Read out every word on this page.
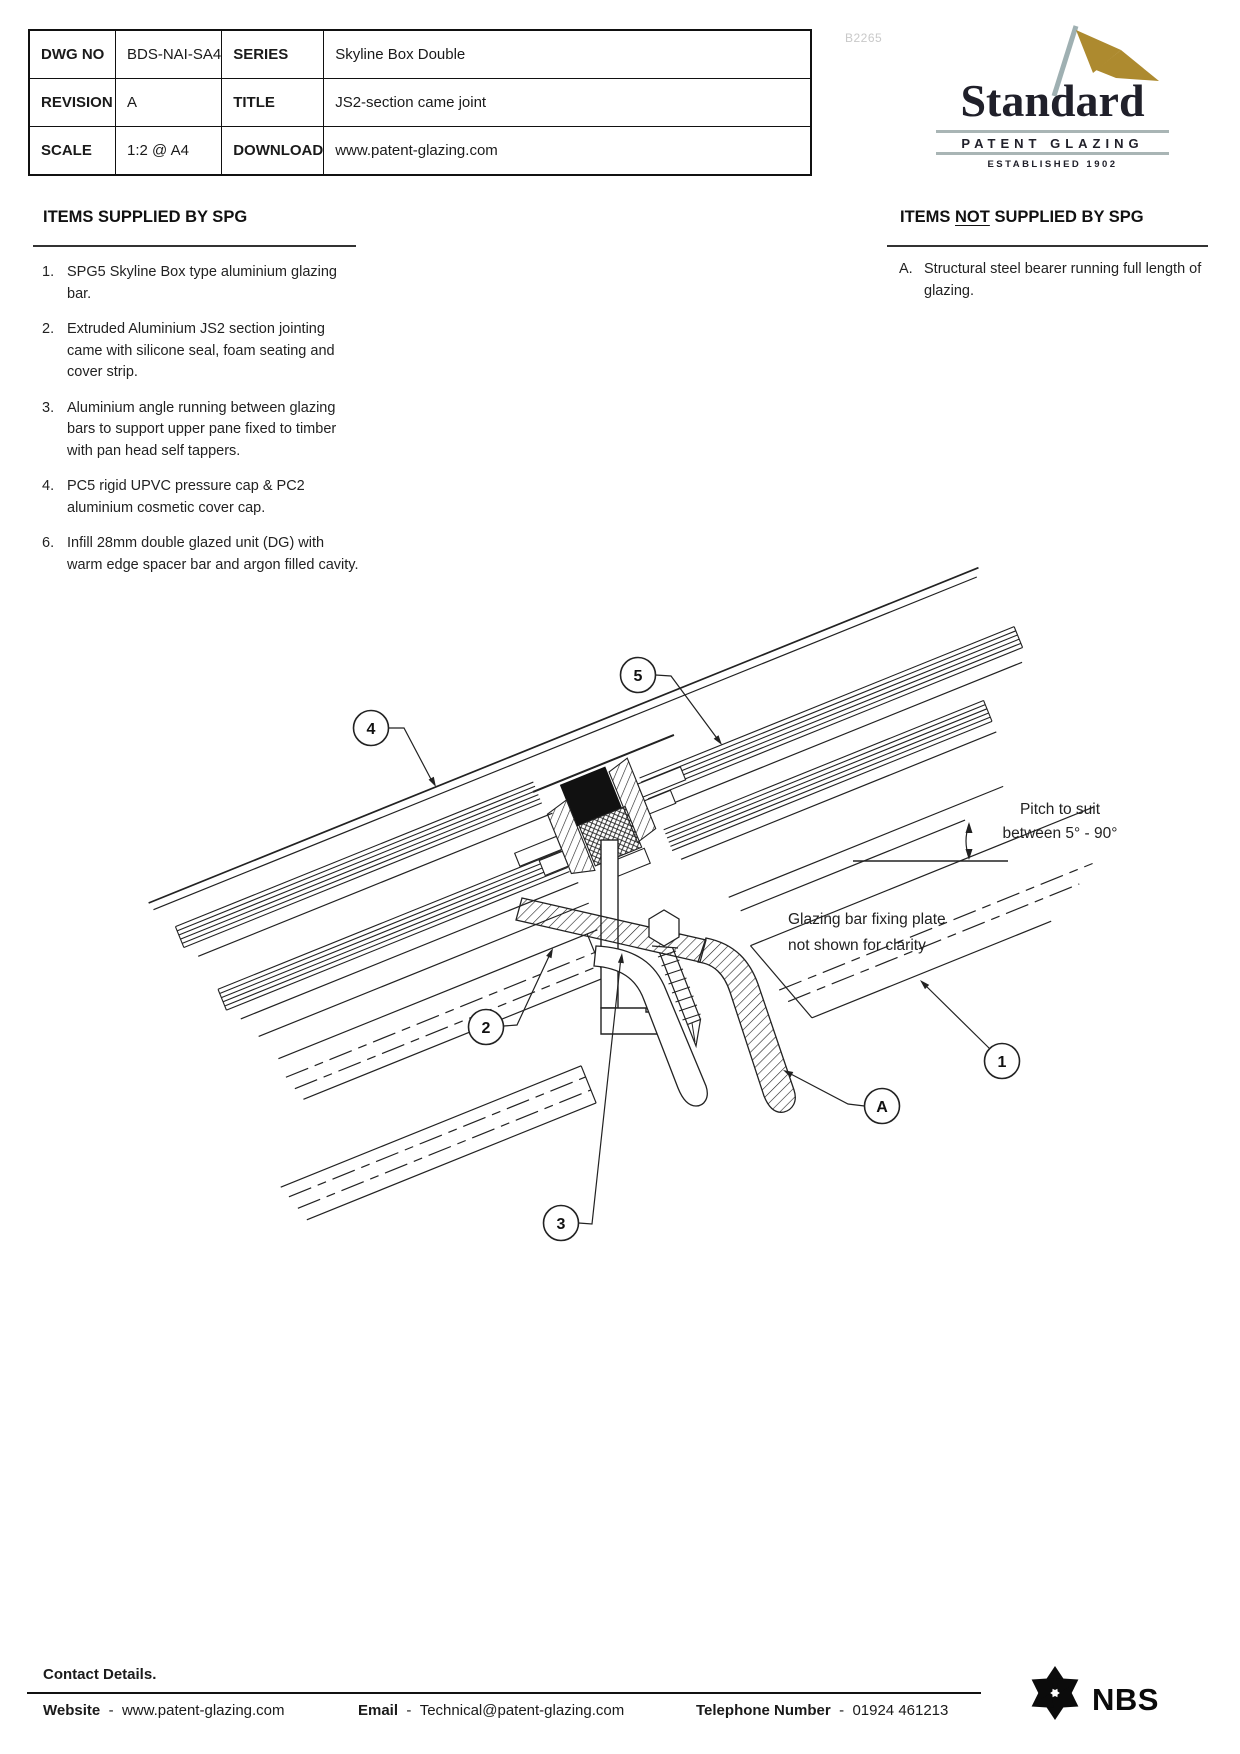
DWG NO	BDS-NAI-SA4	SERIES	Skyline Box Double
REVISION	A	TITLE	JS2-section came joint
SCALE	1:2 @ A4	DOWNLOAD	www.patent-glazing.com
B2265
Standard
PATENT GLAZING
ESTABLISHED 1902
ITEMS SUPPLIED BY SPG
1. SPG5 Skyline Box type aluminium glazing bar.
2. Extruded Aluminium JS2 section jointing came with silicone seal, foam seating and cover strip.
3. Aluminium angle running between glazing bars to support upper pane fixed to timber with pan head self tappers.
4. PC5 rigid UPVC pressure cap & PC2 aluminium cosmetic cover cap.
6. Infill 28mm double glazed unit (DG) with warm edge spacer bar and argon filled cavity.
ITEMS NOT SUPPLIED BY SPG
A. Structural steel bearer running full length of glazing.
4
5
2
3
1
A
Pitch to suit
between 5° - 90°
Glazing bar fixing plate
not shown for clarity
Contact Details.
Website - www.patent-glazing.com	Email - Technical@patent-glazing.com	Telephone Number - 01924 461213	NBS
